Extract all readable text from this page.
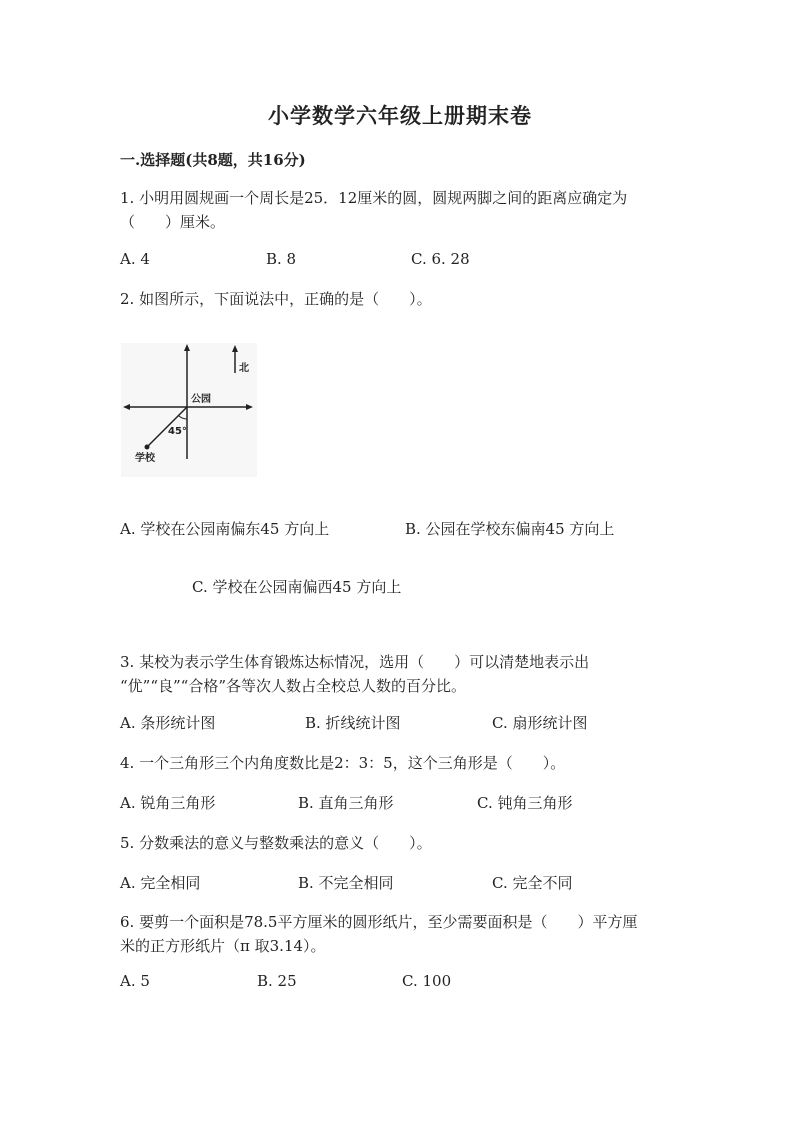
小学数学六年级上册期末卷
一.选择题(共8题，共16分)
1. 小明用圆规画一个周长是25．12厘米的圆，圆规两脚之间的距离应确定为
（　　）厘米。
A. 4	B. 8	C. 6. 28
2. 如图所示，下面说法中，正确的是（　　）。
北
公园
45°
学校
A. 学校在公园南偏东45 方向上	B. 公园在学校东偏南45 方向上
C. 学校在公园南偏西45 方向上
3. 某校为表示学生体育锻炼达标情况，选用（　　）可以清楚地表示出
“优”“良”“合格”各等次人数占全校总人数的百分比。
A. 条形统计图	B. 折线统计图	C. 扇形统计图
4. 一个三角形三个内角度数比是2：3：5，这个三角形是（　　）。
A. 锐角三角形	B. 直角三角形	C. 钝角三角形
5. 分数乘法的意义与整数乘法的意义（　　）。
A. 完全相同	B. 不完全相同	C. 完全不同
6. 要剪一个面积是78.5平方厘米的圆形纸片，至少需要面积是（　　）平方厘
米的正方形纸片（π 取3.14）。
A. 5	B. 25	C. 100
